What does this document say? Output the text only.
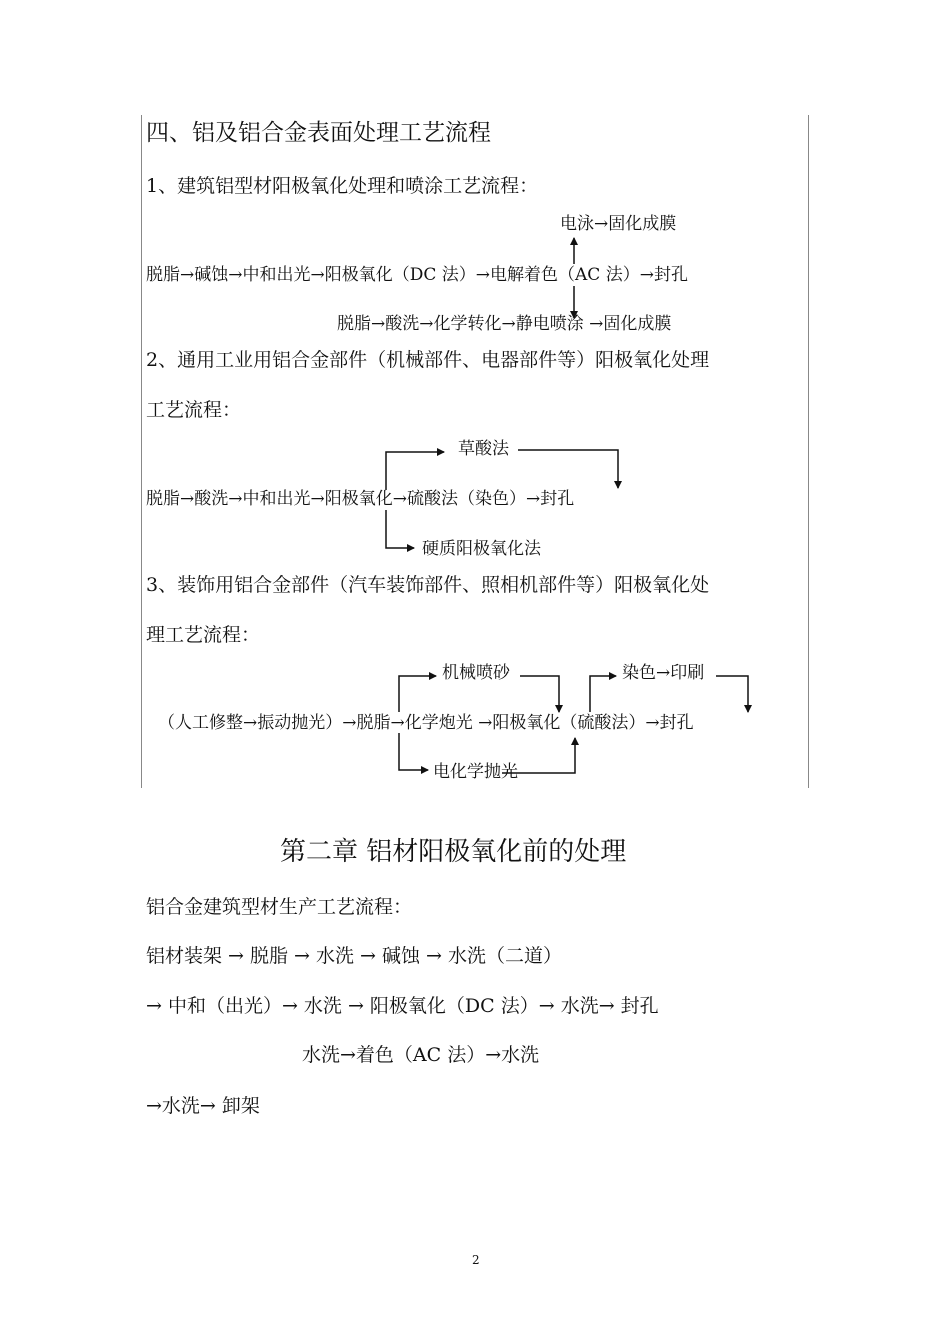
四、铝及铝合金表面处理工艺流程
1、建筑铝型材阳极氧化处理和喷涂工艺流程：
电泳→固化成膜
脱脂→碱蚀→中和出光→阳极氧化（DC 法）→电解着色（AC 法）→封孔
脱脂→酸洗→化学转化→静电喷涂 →固化成膜
2、通用工业用铝合金部件（机械部件、电器部件等）阳极氧化处理
工艺流程：
草酸法
脱脂→酸洗→中和出光→阳极氧化→硫酸法（染色）→封孔
硬质阳极氧化法
3、装饰用铝合金部件（汽车装饰部件、照相机部件等）阳极氧化处
理工艺流程：
机械喷砂	染色→印刷
（人工修整→振动抛光）→脱脂→化学炮光 →阳极氧化（硫酸法）→封孔
电化学抛光
第二章 铝材阳极氧化前的处理
铝合金建筑型材生产工艺流程：
铝材装架 → 脱脂 → 水洗 → 碱蚀 → 水洗（二道）
→ 中和（出光）→ 水洗 → 阳极氧化（DC 法）→ 水洗→ 封孔
水洗→着色（AC 法）→水洗
→水洗→ 卸架
2
